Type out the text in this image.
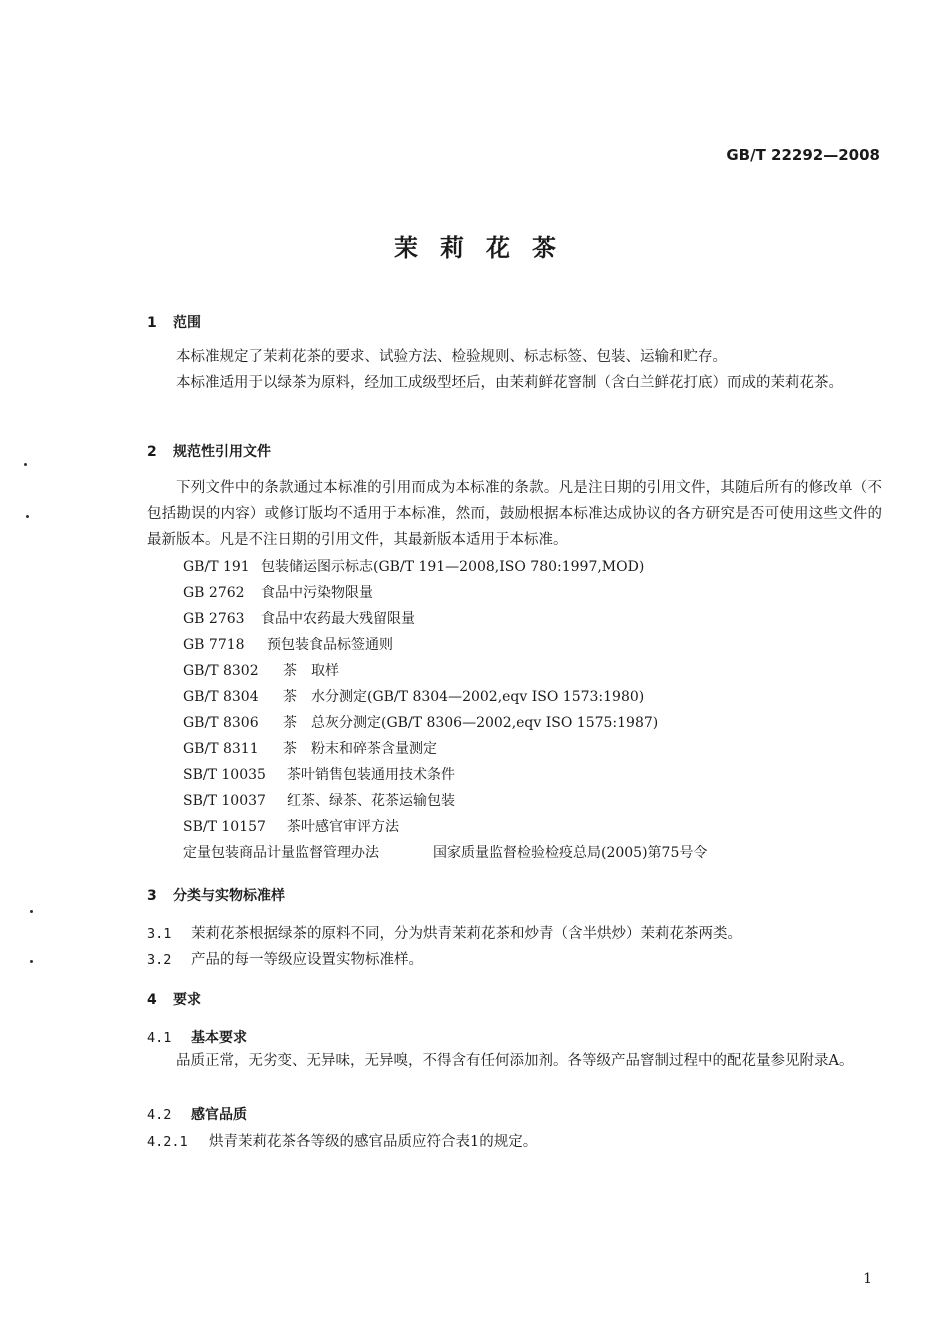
GB/T 22292—2008
茉莉花茶
1 范围
本标准规定了茉莉花茶的要求、试验方法、检验规则、标志标签、包装、运输和贮存。
本标准适用于以绿茶为原料，经加工成级型坯后，由茉莉鲜花窨制（含白兰鲜花打底）而成的茉莉花茶。
2 规范性引用文件
下列文件中的条款通过本标准的引用而成为本标准的条款。凡是注日期的引用文件，其随后所有的修改单（不包括勘误的内容）或修订版均不适用于本标准，然而，鼓励根据本标准达成协议的各方研究是否可使用这些文件的最新版本。凡是不注日期的引用文件，其最新版本适用于本标准。
GB/T 191 包装储运图示标志(GB/T 191—2008,ISO 780:1997,MOD)
GB 2762 食品中污染物限量
GB 2763 食品中农药最大残留限量
GB 7718 预包装食品标签通则
GB/T 8302 茶　取样
GB/T 8304 茶　水分测定(GB/T 8304—2002,eqv ISO 1573:1980)
GB/T 8306 茶　总灰分测定(GB/T 8306—2002,eqv ISO 1575:1987)
GB/T 8311 茶　粉末和碎茶含量测定
SB/T 10035 茶叶销售包装通用技术条件
SB/T 10037 红茶、绿茶、花茶运输包装
SB/T 10157 茶叶感官审评方法
定量包装商品计量监督管理办法	国家质量监督检验检疫总局(2005)第75号令
3 分类与实物标准样
3.1 茉莉花茶根据绿茶的原料不同，分为烘青茉莉花茶和炒青（含半烘炒）茉莉花茶两类。
3.2 产品的每一等级应设置实物标准样。
4 要求
4.1 基本要求
品质正常，无劣变、无异味，无异嗅，不得含有任何添加剂。各等级产品窨制过程中的配花量参见附录A。
4.2 感官品质
4.2.1 烘青茉莉花茶各等级的感官品质应符合表1的规定。
1
